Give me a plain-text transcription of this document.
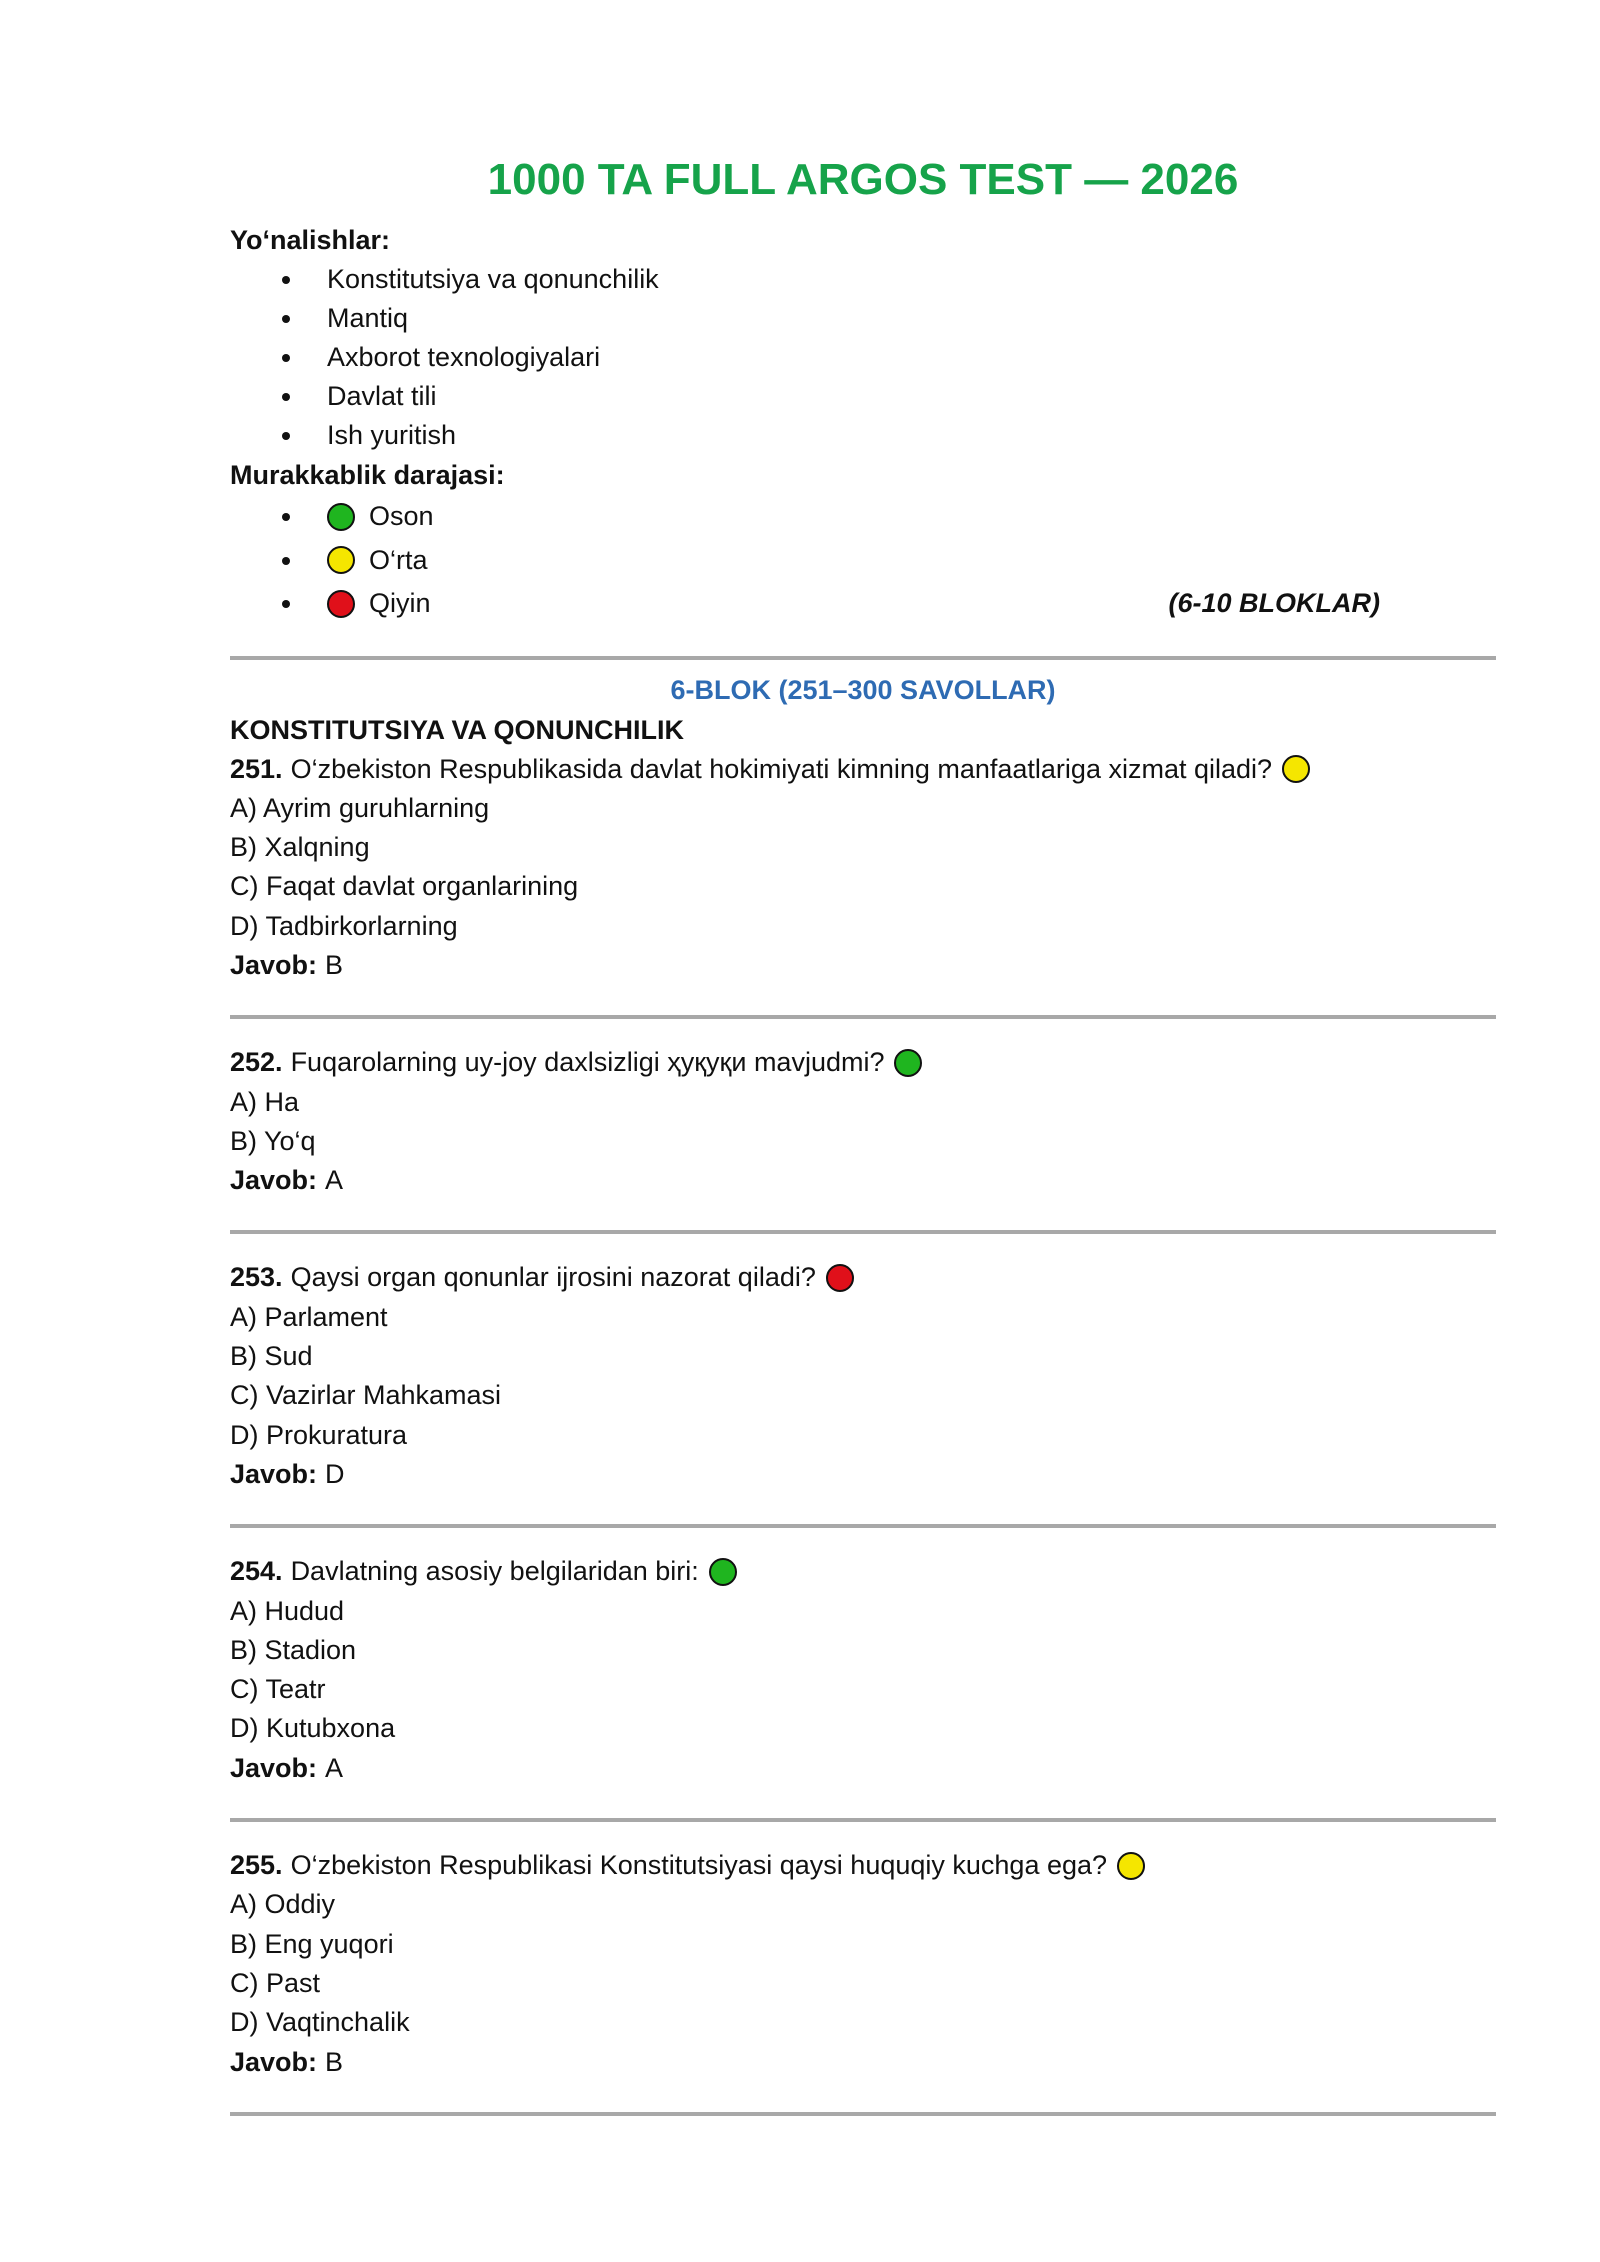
1000 TA FULL ARGOS TEST — 2026
Yo‘nalishlar:
Konstitutsiya va qonunchilik
Mantiq
Axborot texnologiyalari
Davlat tili
Ish yuritish
Murakkablik darajasi:
Oson
O‘rta
Qiyin	(6-10 BLOKLAR)
6-BLOK (251–300 SAVOLLAR)
KONSTITUTSIYA VA QONUNCHILIK
251. O‘zbekiston Respublikasida davlat hokimiyati kimning manfaatlariga xizmat qiladi?
A) Ayrim guruhlarning
B) Xalqning
C) Faqat davlat organlarining
D) Tadbirkorlarning
Javob: B
252. Fuqarolarning uy-joy daxlsizligi ҳуқуқи mavjudmi?
A) Ha
B) Yo‘q
Javob: A
253. Qaysi organ qonunlar ijrosini nazorat qiladi?
A) Parlament
B) Sud
C) Vazirlar Mahkamasi
D) Prokuratura
Javob: D
254. Davlatning asosiy belgilaridan biri:
A) Hudud
B) Stadion
C) Teatr
D) Kutubxona
Javob: A
255. O‘zbekiston Respublikasi Konstitutsiyasi qaysi huquqiy kuchga ega?
A) Oddiy
B) Eng yuqori
C) Past
D) Vaqtinchalik
Javob: B
